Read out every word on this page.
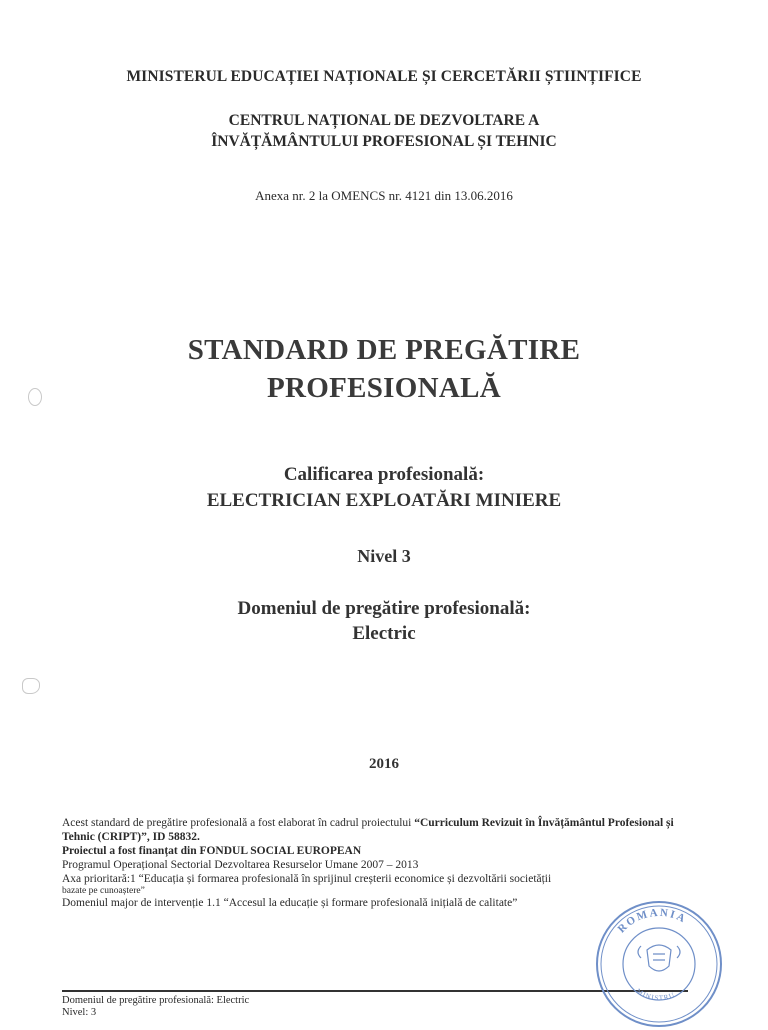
MINISTERUL EDUCAȚIEI NAȚIONALE ȘI CERCETĂRII ȘTIINȚIFICE
CENTRUL NAȚIONAL DE DEZVOLTARE A
ÎNVĂȚĂMÂNTULUI PROFESIONAL ȘI TEHNIC
Anexa nr. 2 la OMENCS nr. 4121 din 13.06.2016
STANDARD DE PREGĂTIRE
PROFESIONALĂ
Calificarea profesională:
ELECTRICIAN EXPLOATĂRI MINIERE
Nivel 3
Domeniul de pregătire profesională:
Electric
2016

Acest standard de pregătire profesională a fost elaborat în cadrul proiectului “Curriculum Revizuit în Învățământul Profesional și Tehnic (CRIPT)”, ID 58832.

Proiectul a fost finanțat din FONDUL SOCIAL EUROPEAN

Programul Operațional Sectorial Dezvoltarea Resurselor Umane 2007 – 2013

Axa prioritară:1 “Educația și formarea profesională în sprijinul creșterii economice și dezvoltării societății

bazate pe cunoaștere”

Domeniul major de intervenție 1.1 “Accesul la educație și formare profesională inițială de calitate”

Domeniul de pregătire profesională: Electric
Nivel: 3
ROMANIA
MINISTRU
